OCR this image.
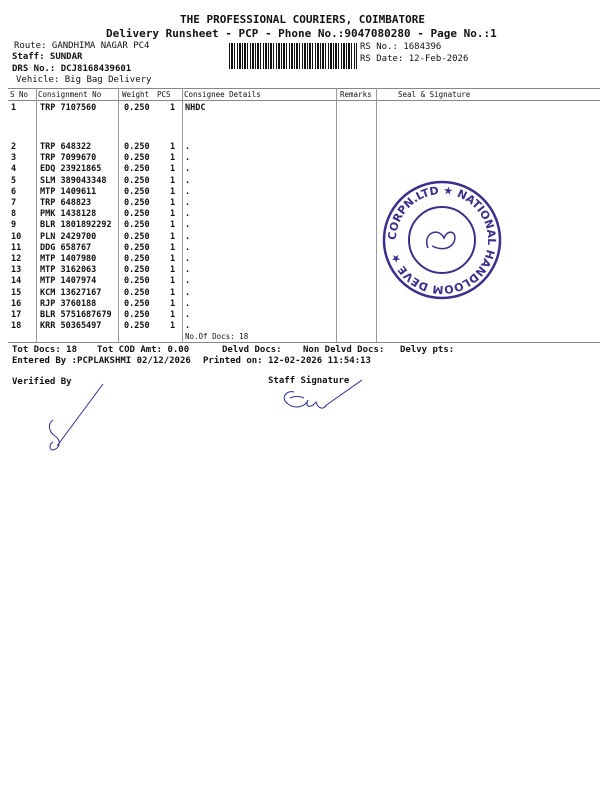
THE PROFESSIONAL COURIERS, COIMBATORE
Delivery Runsheet - PCP - Phone No.:9047080280 - Page No.:1
Route: GANDHIMA NAGAR PC4
Staff: SUNDAR
DRS No.: DCJ8168439601
Vehicle: Big Bag Delivery
RS No.: 1684396
RS Date: 12-Feb-2026
S No Consignment No	Weight PCS Consignee Details	Remarks	Seal & Signature
1	TRP 7107560	0.250 1 NHDC
2	TRP 648322	0.250 1 .
3	TRP 7099670	0.250 1 .
4	EDQ 23921865	0.250 1 .
5	SLM 389043348 0.250 1 .
6	MTP 1409611	0.250 1 .
7	TRP 648823	0.250 1 .
8	PMK 1438128	0.250 1 .
9	BLR 1801892292 0.250 1 .
10 PLN 2429700	0.250 1 .
11 DDG 658767	0.250 1 .
12 MTP 1407980	0.250 1 .
13 MTP 3162063	0.250 1 .
14 MTP 1407974	0.250 1 .
15 KCM 13627167	0.250 1 .
16 RJP 3760188	0.250 1 .
17 BLR 5751687679 0.250 1 .
18 KRR 50365497	0.250 1 .
No.Of Docs: 18
CORPN.LTD ★ NATIONAL HANDLOOM DEVE ★
Tot Docs: 18 Tot COD Amt: 0.00	Delvd Docs: Non Delvd Docs: Delvy pts:
Entered By :PCPLAKSHMI 02/12/2026 Printed on: 12-02-2026 11:54:13
Verified By	Staff Signature
